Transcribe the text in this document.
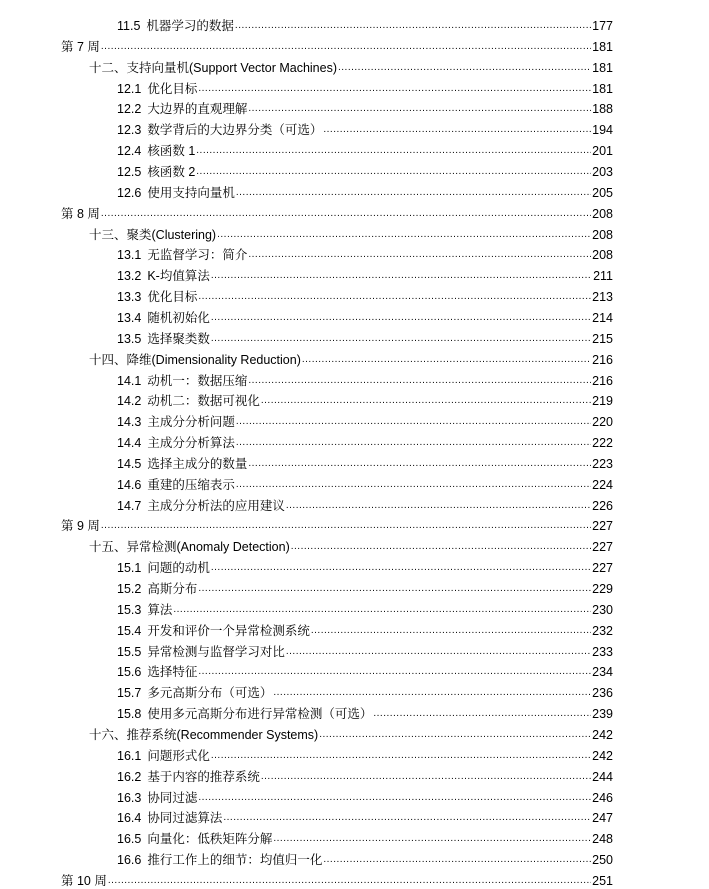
11.5 机器学习的数据 .....	177
第 7 周 .....	181
十二、支持向量机(Support Vector Machines) .....	181
12.1 优化目标 .....	181
12.2 大边界的直观理解 .....	188
12.3 数学背后的大边界分类（可选） .....	194
12.4 核函数 1 .....	201
12.5 核函数 2 .....	203
12.6 使用支持向量机 .....	205
第 8 周 .....	208
十三、聚类(Clustering) .....	208
13.1 无监督学习：简介 .....	208
13.2 K-均值算法 .....	211
13.3 优化目标 .....	213
13.4 随机初始化 .....	214
13.5 选择聚类数 .....	215
十四、降维(Dimensionality Reduction) .....	216
14.1 动机一：数据压缩 .....	216
14.2 动机二：数据可视化 .....	219
14.3 主成分分析问题 .....	220
14.4 主成分分析算法 .....	222
14.5 选择主成分的数量 .....	223
14.6 重建的压缩表示 .....	224
14.7 主成分分析法的应用建议 .....	226
第 9 周 .....	227
十五、异常检测(Anomaly Detection) .....	227
15.1 问题的动机 .....	227
15.2 高斯分布 .....	229
15.3 算法 .....	230
15.4 开发和评价一个异常检测系统 .....	232
15.5 异常检测与监督学习对比 .....	233
15.6 选择特征 .....	234
15.7 多元高斯分布（可选） .....	236
15.8 使用多元高斯分布进行异常检测（可选） .....	239
十六、推荐系统(Recommender Systems) .....	242
16.1 问题形式化 .....	242
16.2 基于内容的推荐系统 .....	244
16.3 协同过滤 .....	246
16.4 协同过滤算法 .....	247
16.5 向量化：低秩矩阵分解 .....	248
16.6 推行工作上的细节：均值归一化 .....	250
第 10 周 .....	251
